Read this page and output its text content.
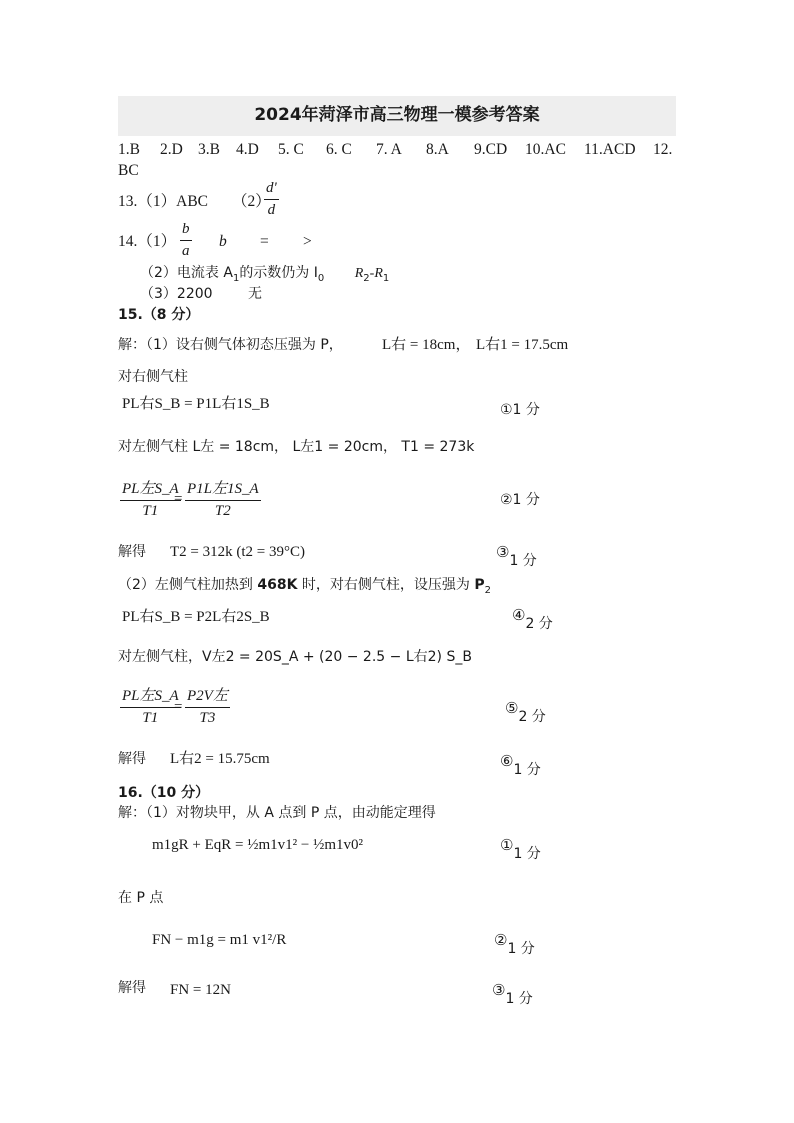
2024年菏泽市高三物理一模参考答案
1.B 2.D 3.B 4.D 5. C 6. C 7. A 8.A 9.CD 10.AC 11.ACD 12.
BC
13.（1）ABC （2）
$\frac{d'}{d}$
$14.(1) \frac{b}{a}$ b = >
（2）电流表 $A_1$的示数仍为 $I_0$ $R_2-R_1$
（3）2200	无
15.（8 分）
解：（1）设右侧气体初态压强为 P，	L右 = 18cm， L右1 = 17.5cm
对右侧气柱
PL右S_B = P1L右1S_B	①1 分
对左侧气柱 L左 = 18cm， L左1 = 20cm， T1 = 273k
PL左S_A
T1
=
P1L左1S_A
T2
②1 分
解得 T2 = 312k (t2 = 39°C)	③1 分
（2）左侧气柱加热到 468K 时，对右侧气柱，设压强为 $P_2$
PL右S_B = P2L右2S_B	④2 分
对左侧气柱，V左2 = 20S_A + (20 − 2.5 − L右2) S_B
PL左S_A
T1
=
P2V左
T3
⑤2 分
解得 L右2 = 15.75cm	⑥1 分
16.（10 分）
解：（1）对物块甲，从 A 点到 P 点，由动能定理得
m1gR + EqR = ½m1v1² − ½m1v0²	①1 分
在 P 点
FN − m1g = m1 v1²/R	②1 分
解得 FN = 12N	③1 分
